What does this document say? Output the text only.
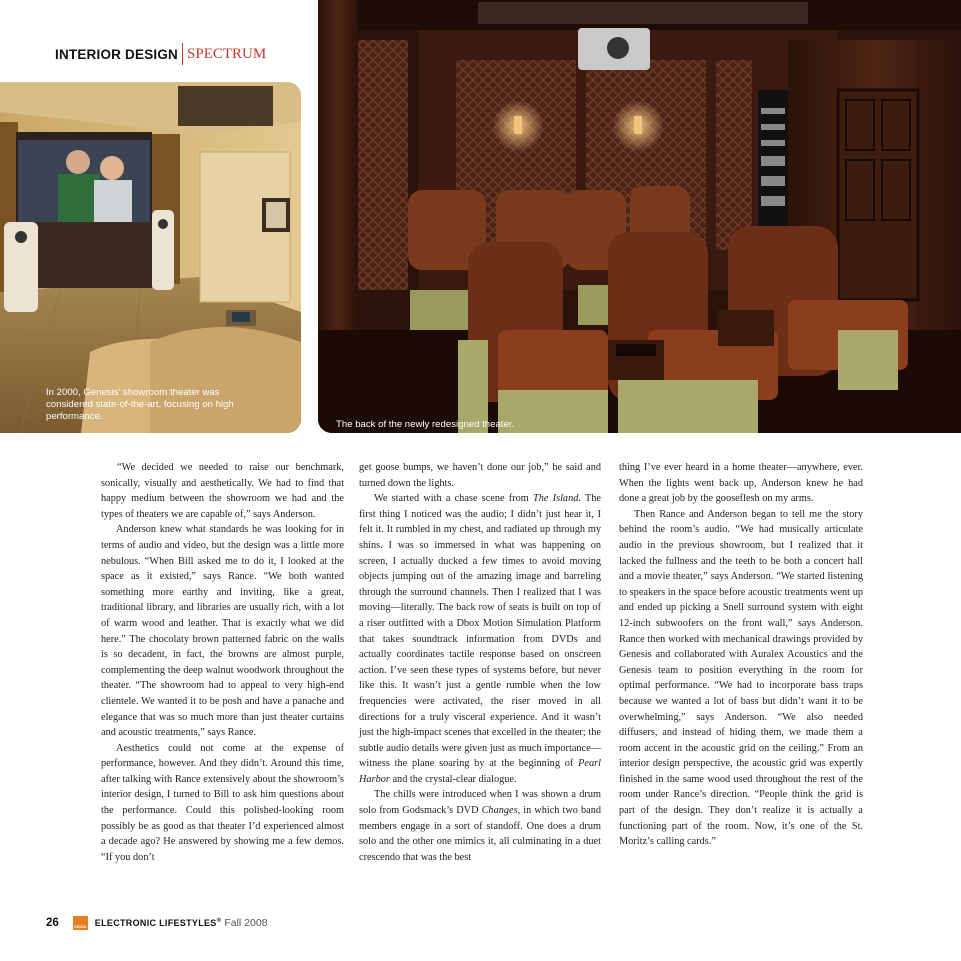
INTERIOR DESIGN SPECTRUM
In 2000, Genesis' showroom theater was considered state-of-the-art, focusing on high performance.
The back of the newly redesigned theater.

“We decided we needed to raise our benchmark, sonically, visually and aesthetically. We had to find that happy medium between the showroom we had and the types of theaters we are capable of,” says Anderson.

Anderson knew what standards he was looking for in terms of audio and video, but the design was a little more nebulous. “When Bill asked me to do it, I looked at the space as it existed,” says Rance. “We both wanted something more earthy and inviting, like a great, traditional library, and libraries are usually rich, with a lot of warm wood and leather. That is exactly what we did here.” The chocolaty brown patterned fabric on the walls is so decadent, in fact, the browns are almost purple, complementing the deep walnut woodwork throughout the theater. “The showroom had to appeal to very high-end clientele. We wanted it to be posh and have a panache and elegance that was so much more than just theater curtains and acoustic treatments,” says Rance.

Aesthetics could not come at the expense of performance, however. And they didn’t. Around this time, after talking with Rance extensively about the showroom’s interior design, I turned to Bill to ask him questions about the performance. Could this polished-looking room possibly be as good as that theater I’d experienced almost a decade ago? He answered by showing me a few demos. “If you don’t

get goose bumps, we haven’t done our job,” he said and turned down the lights.

We started with a chase scene from The Island. The first thing I noticed was the audio; I didn’t just hear it, I felt it. It rumbled in my chest, and radiated up through my shins. I was so immersed in what was happening on screen, I actually ducked a few times to avoid moving objects jumping out of the amazing image and barreling through the surround channels. Then I realized that I was moving—literally. The back row of seats is built on top of a riser outfitted with a Dbox Motion Simulation Platform that takes soundtrack information from DVDs and actually coordinates tactile response based on onscreen action. I’ve seen these types of systems before, but never like this. It wasn’t just a gentle rumble when the low frequencies were activated, the riser moved in all directions for a truly visceral experience. And it wasn’t just the high-impact scenes that excelled in the theater; the subtle audio details were given just as much importance—witness the plane soaring by at the beginning of Pearl Harbor and the crystal-clear dialogue.

The chills were introduced when I was shown a drum solo from Godsmack’s DVD Changes, in which two band members engage in a sort of standoff. One does a drum solo and the other one mimics it, all culminating in a duet crescendo that was the best

thing I’ve ever heard in a home theater—anywhere, ever. When the lights went back up, Anderson knew he had done a great job by the gooseflesh on my arms.

Then Rance and Anderson began to tell me the story behind the room’s audio. “We had musically articulate audio in the previous showroom, but I realized that it lacked the fullness and the teeth to be both a concert hall and a movie theater,” says Anderson. “We started listening to speakers in the space before acoustic treatments went up and ended up picking a Snell surround system with eight 12-inch subwoofers on the front wall,” says Anderson. Rance then worked with mechanical drawings provided by Genesis and collaborated with Auralex Acoustics and the Genesis team to position everything in the room for optimal performance. “We had to incorporate bass traps because we wanted a lot of bass but didn’t want it to be overwhelming,” says Anderson. “We also needed diffusers, and instead of hiding them, we made them a room accent in the acoustic grid on the ceiling.” From an interior design perspective, the acoustic grid was expertly finished in the same wood used throughout the rest of the room under Rance’s direction. “People think the grid is part of the design. They don’t realize it is actually a functioning part of the room. Now, it’s one of the St. Moritz’s calling cards.”

26	CEDIA ELECTRONIC LIFESTYLES® Fall 2008
